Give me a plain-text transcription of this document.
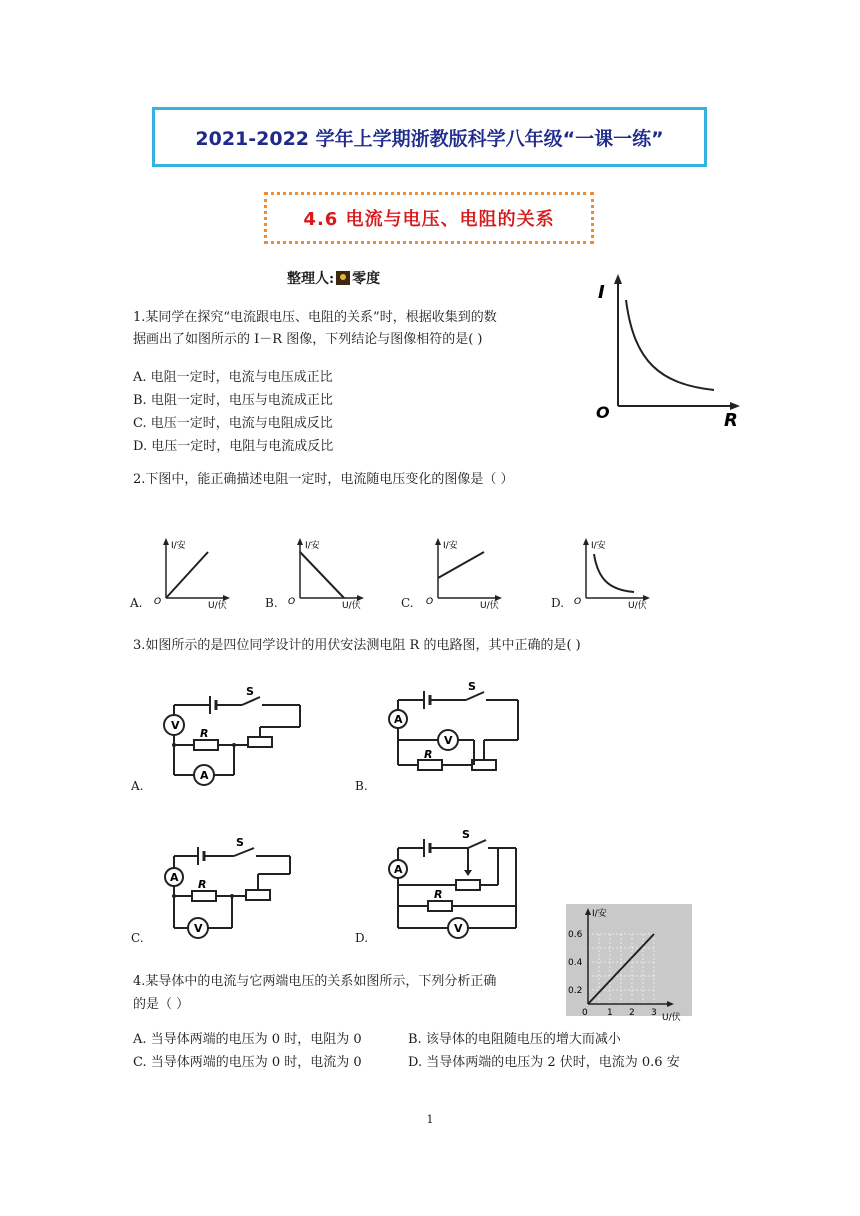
2021-2022 学年上学期浙教版科学八年级“一课一练”
4.6 电流与电压、电阻的关系
整理人: 零度
1.某同学在探究“电流跟电压、电阻的关系”时，根据收集到的数
据画出了如图所示的 I－R 图像，下列结论与图像相符的是( )
A. 电阻一定时，电流与电压成正比
B. 电阻一定时，电压与电流成正比
C. 电压一定时，电流与电阻成反比
D. 电压一定时，电阻与电流成反比
I
O	R
2.下图中，能正确描述电阻一定时，电流随电压变化的图像是（ ）
A.
I/安
O	U/伏	B.
I/安
O	U/伏	C.
I/安
O	U/伏	D.
I/安
O	U/伏
3.如图所示的是四位同学设计的用伏安法测电阻 R 的电路图，其中正确的是( )
A.
V
A
R
S
B.
A
V
R
S
C.
A
V
R
S
D.
A
V
R
S
4.某导体中的电流与它两端电压的关系如图所示，下列分析正确
的是（ ）
I/安
0.6
0.4
0.2
0 1 2 3 U/伏
A. 当导体两端的电压为 0 时，电阻为 0	B. 该导体的电阻随电压的增大而减小
C. 当导体两端的电压为 0 时，电流为 0	D. 当导体两端的电压为 2 伏时，电流为 0.6 安
1
